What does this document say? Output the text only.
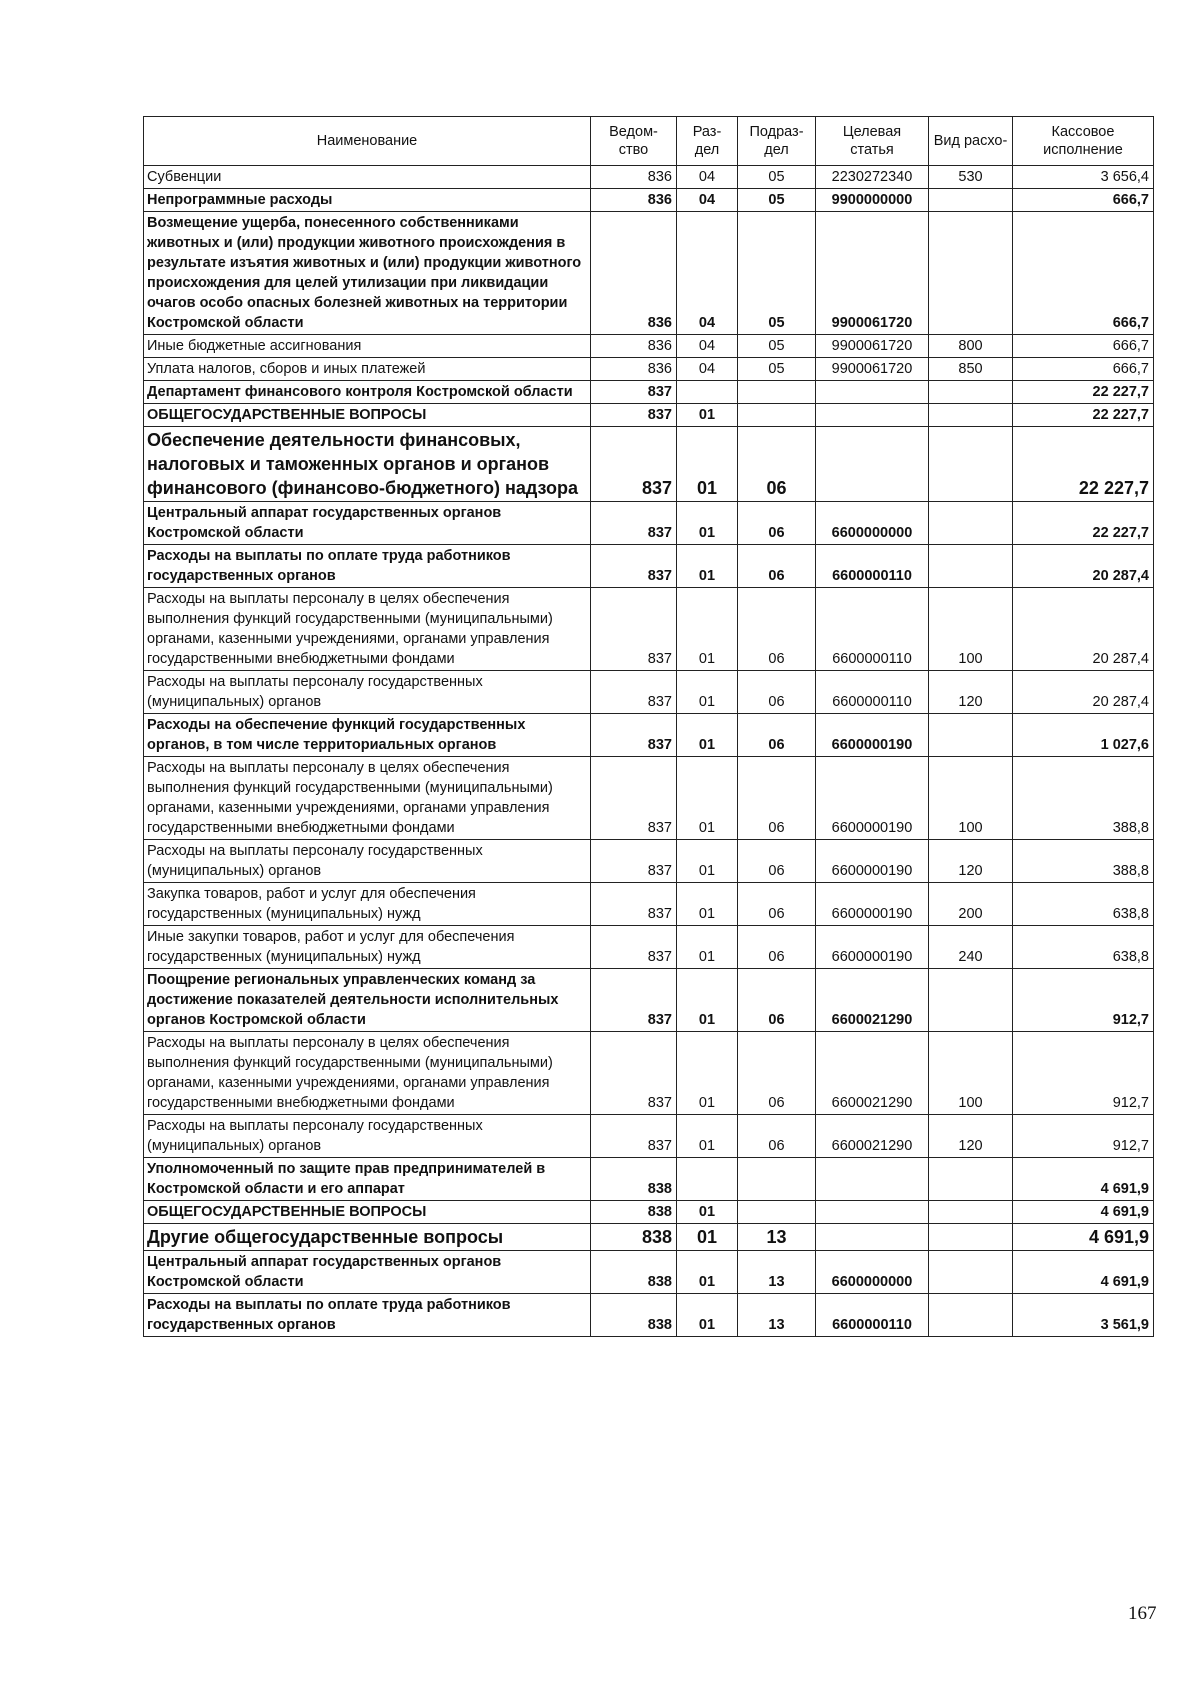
Наименование	Ведом-ство	Раз-дел	Подраз-дел	Целевая статья	Вид расхо-	Кассовое исполнение
Субвенции	836	04	05	2230272340	530	3 656,4
Непрограммные расходы	836	04	05	9900000000		666,7
Возмещение ущерба, понесенного собственниками животных и (или) продукции животного происхождения в результате изъятия животных и (или) продукции животного происхождения для целей утилизации при ликвидации очагов особо опасных болезней животных на территории Костромской области	836	04	05	9900061720		666,7
Иные бюджетные ассигнования	836	04	05	9900061720	800	666,7
Уплата налогов, сборов и иных платежей	836	04	05	9900061720	850	666,7
Департамент финансового контроля Костромской области	837					22 227,7
ОБЩЕГОСУДАРСТВЕННЫЕ ВОПРОСЫ	837	01				22 227,7
Обеспечение деятельности финансовых, налоговых и таможенных органов и органов финансового (финансово-бюджетного) надзора	837	01	06			22 227,7
Центральный аппарат государственных органов Костромской области	837	01	06	6600000000		22 227,7
Расходы на выплаты по оплате труда работников государственных органов	837	01	06	6600000110		20 287,4
Расходы на выплаты персоналу в целях обеспечения выполнения функций государственными (муниципальными) органами, казенными учреждениями, органами управления государственными внебюджетными фондами	837	01	06	6600000110	100	20 287,4
Расходы на выплаты персоналу государственных (муниципальных) органов	837	01	06	6600000110	120	20 287,4
Расходы на обеспечение функций государственных органов, в том числе территориальных органов	837	01	06	6600000190		1 027,6
Расходы на выплаты персоналу в целях обеспечения выполнения функций государственными (муниципальными) органами, казенными учреждениями, органами управления государственными внебюджетными фондами	837	01	06	6600000190	100	388,8
Расходы на выплаты персоналу государственных (муниципальных) органов	837	01	06	6600000190	120	388,8
Закупка товаров, работ и услуг для обеспечения государственных (муниципальных) нужд	837	01	06	6600000190	200	638,8
Иные закупки товаров, работ и услуг для обеспечения государственных (муниципальных) нужд	837	01	06	6600000190	240	638,8
Поощрение региональных управленческих команд за достижение показателей деятельности исполнительных органов Костромской области	837	01	06	6600021290		912,7
Расходы на выплаты персоналу в целях обеспечения выполнения функций государственными (муниципальными) органами, казенными учреждениями, органами управления государственными внебюджетными фондами	837	01	06	6600021290	100	912,7
Расходы на выплаты персоналу государственных (муниципальных) органов	837	01	06	6600021290	120	912,7
Уполномоченный по защите прав предпринимателей в Костромской области и его аппарат	838					4 691,9
ОБЩЕГОСУДАРСТВЕННЫЕ ВОПРОСЫ	838	01				4 691,9
Другие общегосударственные вопросы	838	01	13			4 691,9
Центральный аппарат государственных органов Костромской области	838	01	13	6600000000		4 691,9
Расходы на выплаты по оплате труда работников государственных органов	838	01	13	6600000110		3 561,9
167
